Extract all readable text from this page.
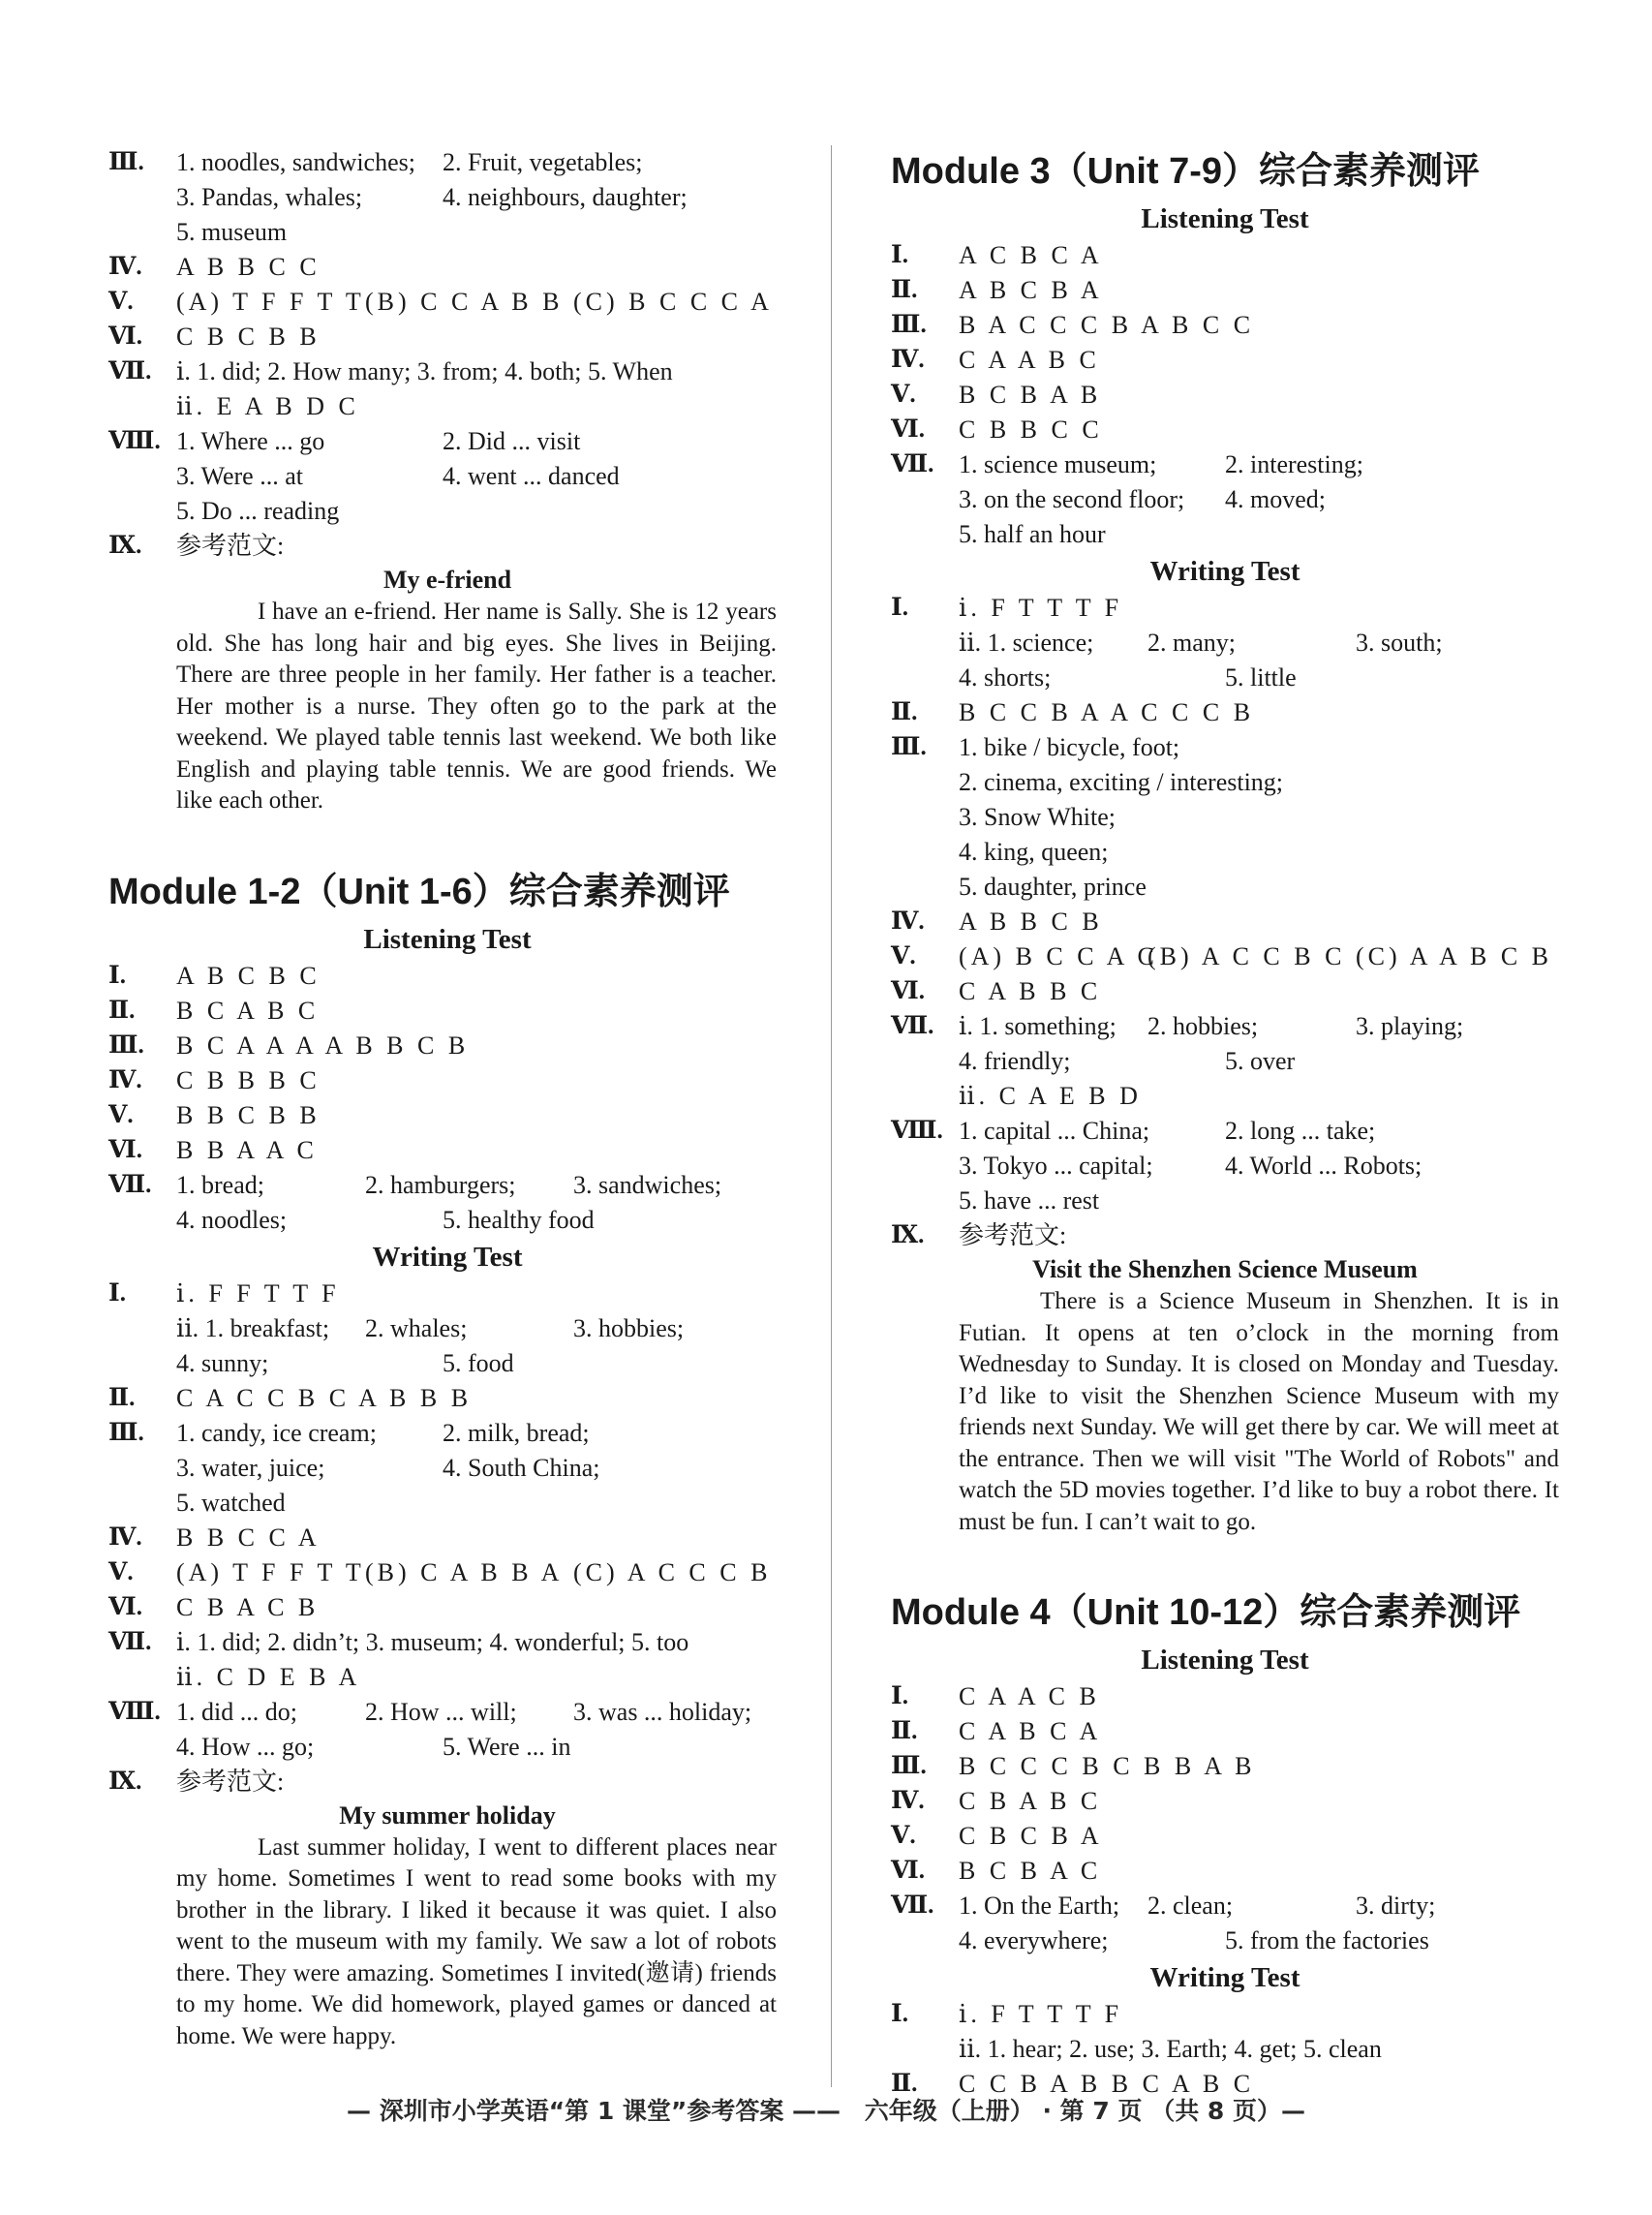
Ⅲ. 1. noodles, sandwiches; 2. Fruit, vegetables;
3. Pandas, whales;	4. neighbours, daughter;
5. museum
Ⅳ. A B B C C
Ⅴ. (A) T F F T T (B) C C A B B (C) B C C C A
Ⅵ. C B C B B
Ⅶ. ⅰ. 1. did; 2. How many; 3. from; 4. both; 5. When
ⅱ. E A B D C
Ⅷ. 1. Where ... go	2. Did ... visit
3. Were ... at	4. went ... danced
5. Do ... reading
Ⅸ. 参考范文:
My e-friend
I have an e-friend. Her name is Sally. She is 12 years old. She has long hair and big eyes. She lives in Beijing. There are three people in her family. Her father is a teacher. Her mother is a nurse. They often go to the park at the weekend. We played table tennis last weekend. We both like English and playing table tennis. We are good friends. We like each other.
Module 1-2（Unit 1-6）综合素养测评
Listening Test
Ⅰ. A B C B C
Ⅱ. B C A B C
Ⅲ. B C A A A A B B C B
Ⅳ. C B B B C
Ⅴ. B B C B B
Ⅵ. B B A A C
Ⅶ. 1. bread;	2. hamburgers; 3. sandwiches;
4. noodles;	5. healthy food
Writing Test
Ⅰ. ⅰ. F F T T F
ⅱ. 1. breakfast; 2. whales;	3. hobbies;
4. sunny;	5. food
Ⅱ. C A C C B C A B B B
Ⅲ. 1. candy, ice cream;	2. milk, bread;
3. water, juice;	4. South China;
5. watched
Ⅳ. B B C C A
Ⅴ. (A) T F F T T (B) C A B B A (C) A C C C B
Ⅵ. C B A C B
Ⅶ. ⅰ. 1. did; 2. didn’t; 3. museum; 4. wonderful; 5. too
ⅱ. C D E B A
Ⅷ. 1. did ... do;	2. How ... will; 3. was ... holiday;
4. How ... go;	5. Were ... in
Ⅸ. 参考范文:
My summer holiday
Last summer holiday, I went to different places near my home. Sometimes I went to read some books with my brother in the library. I liked it because it was quiet. I also went to the museum with my family. We saw a lot of robots there. They were amazing. Sometimes I invited(邀请) friends to my home. We did homework, played games or danced at home. We were happy.
Module 3（Unit 7-9）综合素养测评
Listening Test
Ⅰ. A C B C A
Ⅱ. A B C B A
Ⅲ. B A C C C B A B C C
Ⅳ. C A A B C
Ⅴ. B C B A B
Ⅵ. C B B C C
Ⅶ. 1. science museum;	2. interesting;
3. on the second floor; 4. moved;
5. half an hour
Writing Test
Ⅰ. ⅰ. F T T T F
ⅱ. 1. science; 2. many;	3. south;
4. shorts;	5. little
Ⅱ. B C C B A A C C C B
Ⅲ. 1. bike / bicycle, foot;
2. cinema, exciting / interesting;
3. Snow White;
4. king, queen;
5. daughter, prince
Ⅳ. A B B C B
Ⅴ. (A) B C C A C
(B) A C C B C (C) A A B C B
Ⅵ. C A B B C
Ⅶ. ⅰ. 1. something; 2. hobbies;	3. playing;
4. friendly;	5. over
ⅱ. C A E B D
Ⅷ. 1. capital ... China;	2. long ... take;
3. Tokyo ... capital;	4. World ... Robots;
5. have ... rest
Ⅸ. 参考范文:
Visit the Shenzhen Science Museum
There is a Science Museum in Shenzhen. It is in Futian. It opens at ten o’clock in the morning from Wednesday to Sunday. It is closed on Monday and Tuesday. I’d like to visit the Shenzhen Science Museum with my friends next Sunday. We will get there by car. We will meet at the entrance. Then we will visit "The World of Robots" and watch the 5D movies together. I’d like to buy a robot there. It must be fun. I can’t wait to go.
Module 4（Unit 10-12）综合素养测评
Listening Test
Ⅰ. C A A C B
Ⅱ. C A B C A
Ⅲ. B C C C B C B B A B
Ⅳ. C B A B C
Ⅴ. C B C B A
Ⅵ. B C B A C
Ⅶ. 1. On the Earth; 2. clean;	3. dirty;
4. everywhere;	5. from the factories
Writing Test
Ⅰ. ⅰ. F T T T F
ⅱ. 1. hear; 2. use; 3. Earth; 4. get; 5. clean
Ⅱ. C C B A B B C A B C
— 深圳市小学英语“第 1 课堂”参考答案 —— 六年级（上册） · 第 7 页 （共 8 页）—
